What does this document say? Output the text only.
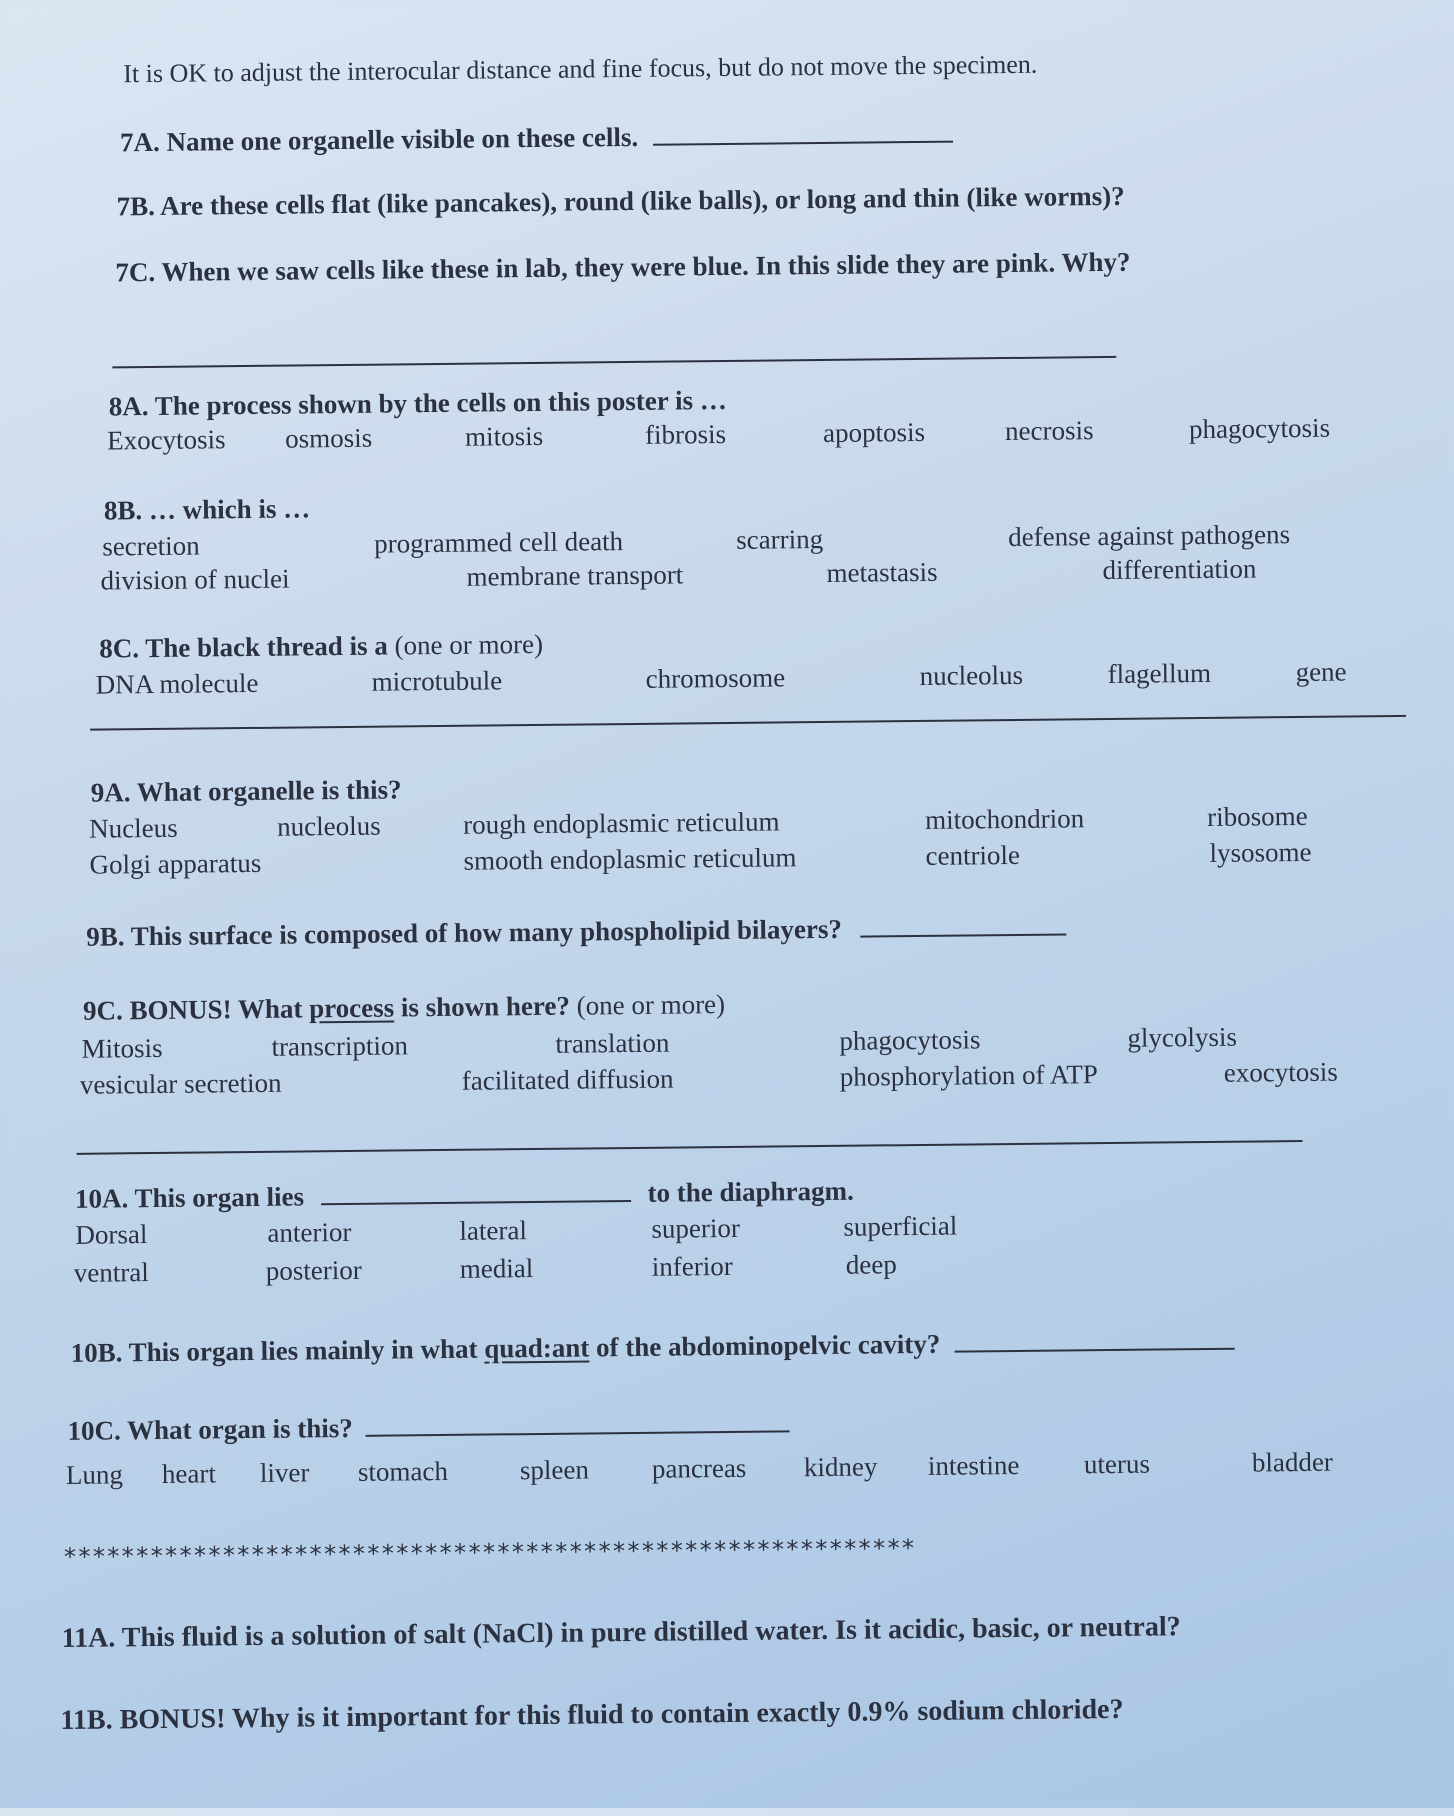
It is OK to adjust the interocular distance and fine focus, but do not move the specimen.
7A. Name one organelle visible on these cells.
7B. Are these cells flat (like pancakes), round (like balls), or long and thin (like worms)?
7C. When we saw cells like these in lab, they were blue. In this slide they are pink. Why?
8A. The process shown by the cells on this poster is …
Exocytosis osmosis	mitosis	fibrosis	apoptosis	necrosis	phagocytosis
8B. … which is …
secretion	programmed cell death	scarring	defense against pathogens
division of nuclei	membrane transport	metastasis	differentiation
8C. The black thread is a (one or more)
DNA molecule	microtubule	chromosome	nucleolus	flagellum	gene
9A. What organelle is this?
Nucleus	nucleolus	rough endoplasmic reticulum	mitochondrion	ribosome
Golgi apparatus	smooth endoplasmic reticulum	centriole	lysosome
9B. This surface is composed of how many phospholipid bilayers?
9C. BONUS! What process is shown here? (one or more)
Mitosis	transcription	translation	phagocytosis	glycolysis
vesicular secretion	facilitated diffusion	phosphorylation of ATP	exocytosis
10A. This organ lies	to the diaphragm.
Dorsal	anterior	lateral	superior	superficial
ventral	posterior	medial	inferior	deep
10B. This organ lies mainly in what quad:ant of the abdominopelvic cavity?
10C. What organ is this?
Lung heart liver stomach	spleen pancreas kidney intestine uterus	bladder
***********************************************************
11A. This fluid is a solution of salt (NaCl) in pure distilled water. Is it acidic, basic, or neutral?
11B. BONUS! Why is it important for this fluid to contain exactly 0.9% sodium chloride?
